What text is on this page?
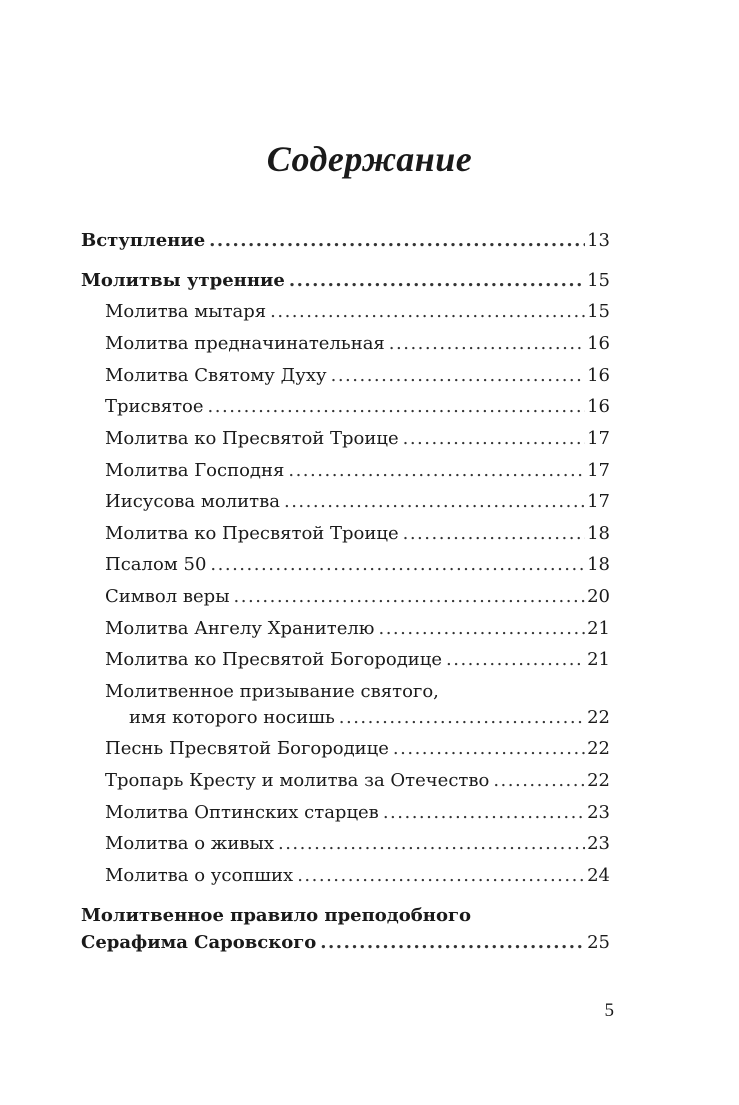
Содержание
Вступление .....	13
Молитвы утренние .....	15
Молитва мытаря .....	15
Молитва предначинательная .....	16
Молитва Святому Духу .....	16
Трисвятое .....	16
Молитва ко Пресвятой Троице .....	17
Молитва Господня .....	17
Иисусова молитва .....	17
Молитва ко Пресвятой Троице .....	18
Псалом 50 .....	18
Символ веры .....	20
Молитва Ангелу Хранителю .....	21
Молитва ко Пресвятой Богородице .....	21
Молитвенное призывание святого,
имя которого носишь .....	22
Песнь Пресвятой Богородице .....	22
Тропарь Кресту и молитва за Отечество .....	22
Молитва Оптинских старцев .....	23
Молитва о живых .....	23
Молитва о усопших .....	24
Молитвенное правило преподобного
Серафима Саровского .....	25
5
